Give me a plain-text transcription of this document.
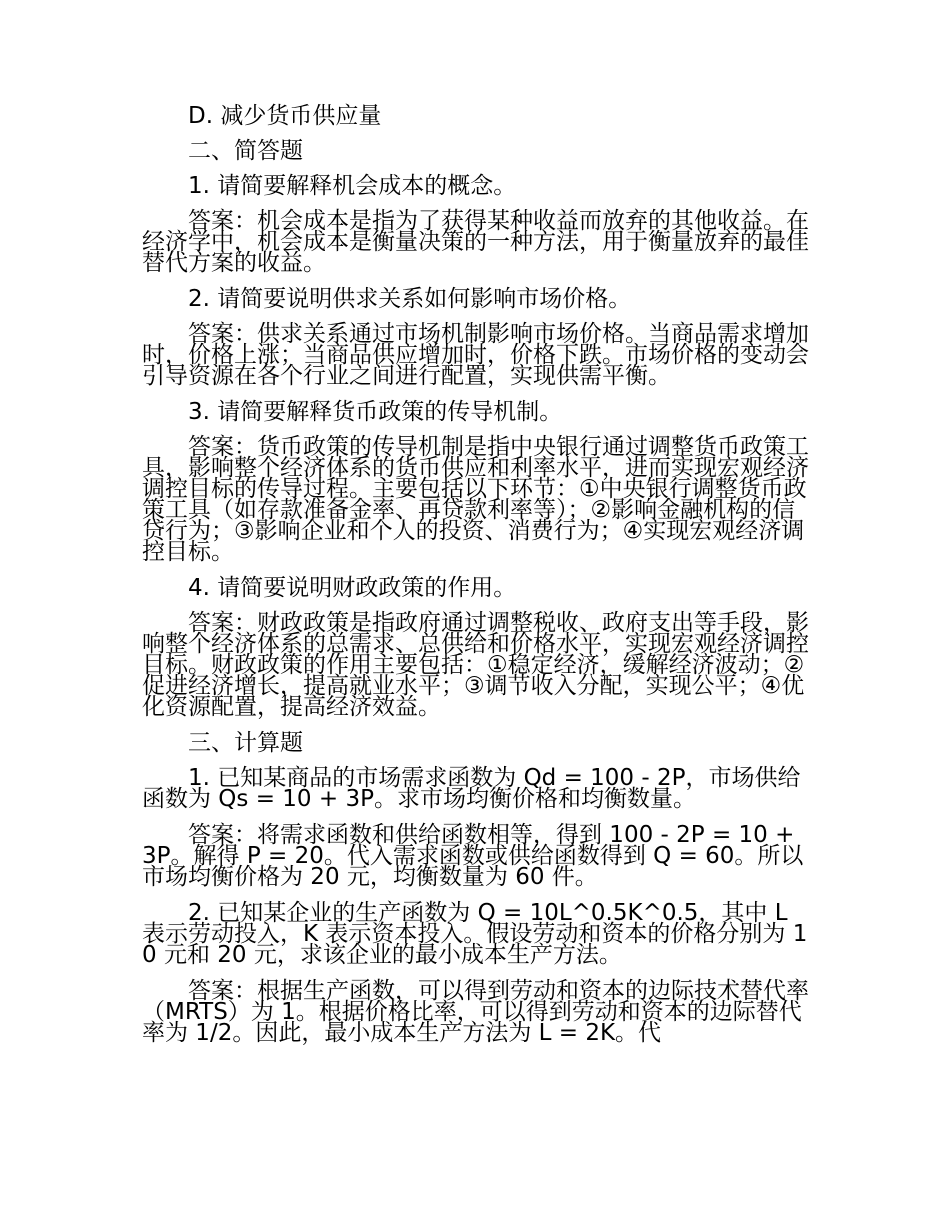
D. 减少货币供应量

二、简答题

1. 请简要解释机会成本的概念。

答案：机会成本是指为了获得某种收益而放弃的其他收益。在经济学中，机会成本是衡量决策的一种方法，用于衡量放弃的最佳替代方案的收益。

2. 请简要说明供求关系如何影响市场价格。

答案：供求关系通过市场机制影响市场价格。当商品需求增加时，价格上涨；当商品供应增加时，价格下跌。市场价格的变动会引导资源在各个行业之间进行配置，实现供需平衡。

3. 请简要解释货币政策的传导机制。

答案：货币政策的传导机制是指中央银行通过调整货币政策工具，影响整个经济体系的货币供应和利率水平，进而实现宏观经济调控目标的传导过程。主要包括以下环节：①中央银行调整货币政策工具（如存款准备金率、再贷款利率等）；②影响金融机构的信贷行为；③影响企业和个人的投资、消费行为；④实现宏观经济调控目标。

4. 请简要说明财政政策的作用。

答案：财政政策是指政府通过调整税收、政府支出等手段，影响整个经济体系的总需求、总供给和价格水平，实现宏观经济调控目标。财政政策的作用主要包括：①稳定经济，缓解经济波动；②促进经济增长，提高就业水平；③调节收入分配，实现公平；④优化资源配置，提高经济效益。

三、计算题

1. 已知某商品的市场需求函数为 Qd = 100 - 2P，市场供给函数为 Qs = 10 + 3P。求市场均衡价格和均衡数量。

答案：将需求函数和供给函数相等，得到 100 - 2P = 10 + 3P。解得 P = 20。代入需求函数或供给函数得到 Q = 60。所以市场均衡价格为 20 元，均衡数量为 60 件。

2. 已知某企业的生产函数为 Q = 10L^0.5K^0.5，其中 L 表示劳动投入，K 表示资本投入。假设劳动和资本的价格分别为 10 元和 20 元，求该企业的最小成本生产方法。

答案：根据生产函数，可以得到劳动和资本的边际技术替代率（MRTS）为 1。根据价格比率，可以得到劳动和资本的边际替代率为 1/2。因此，最小成本生产方法为 L = 2K。代
